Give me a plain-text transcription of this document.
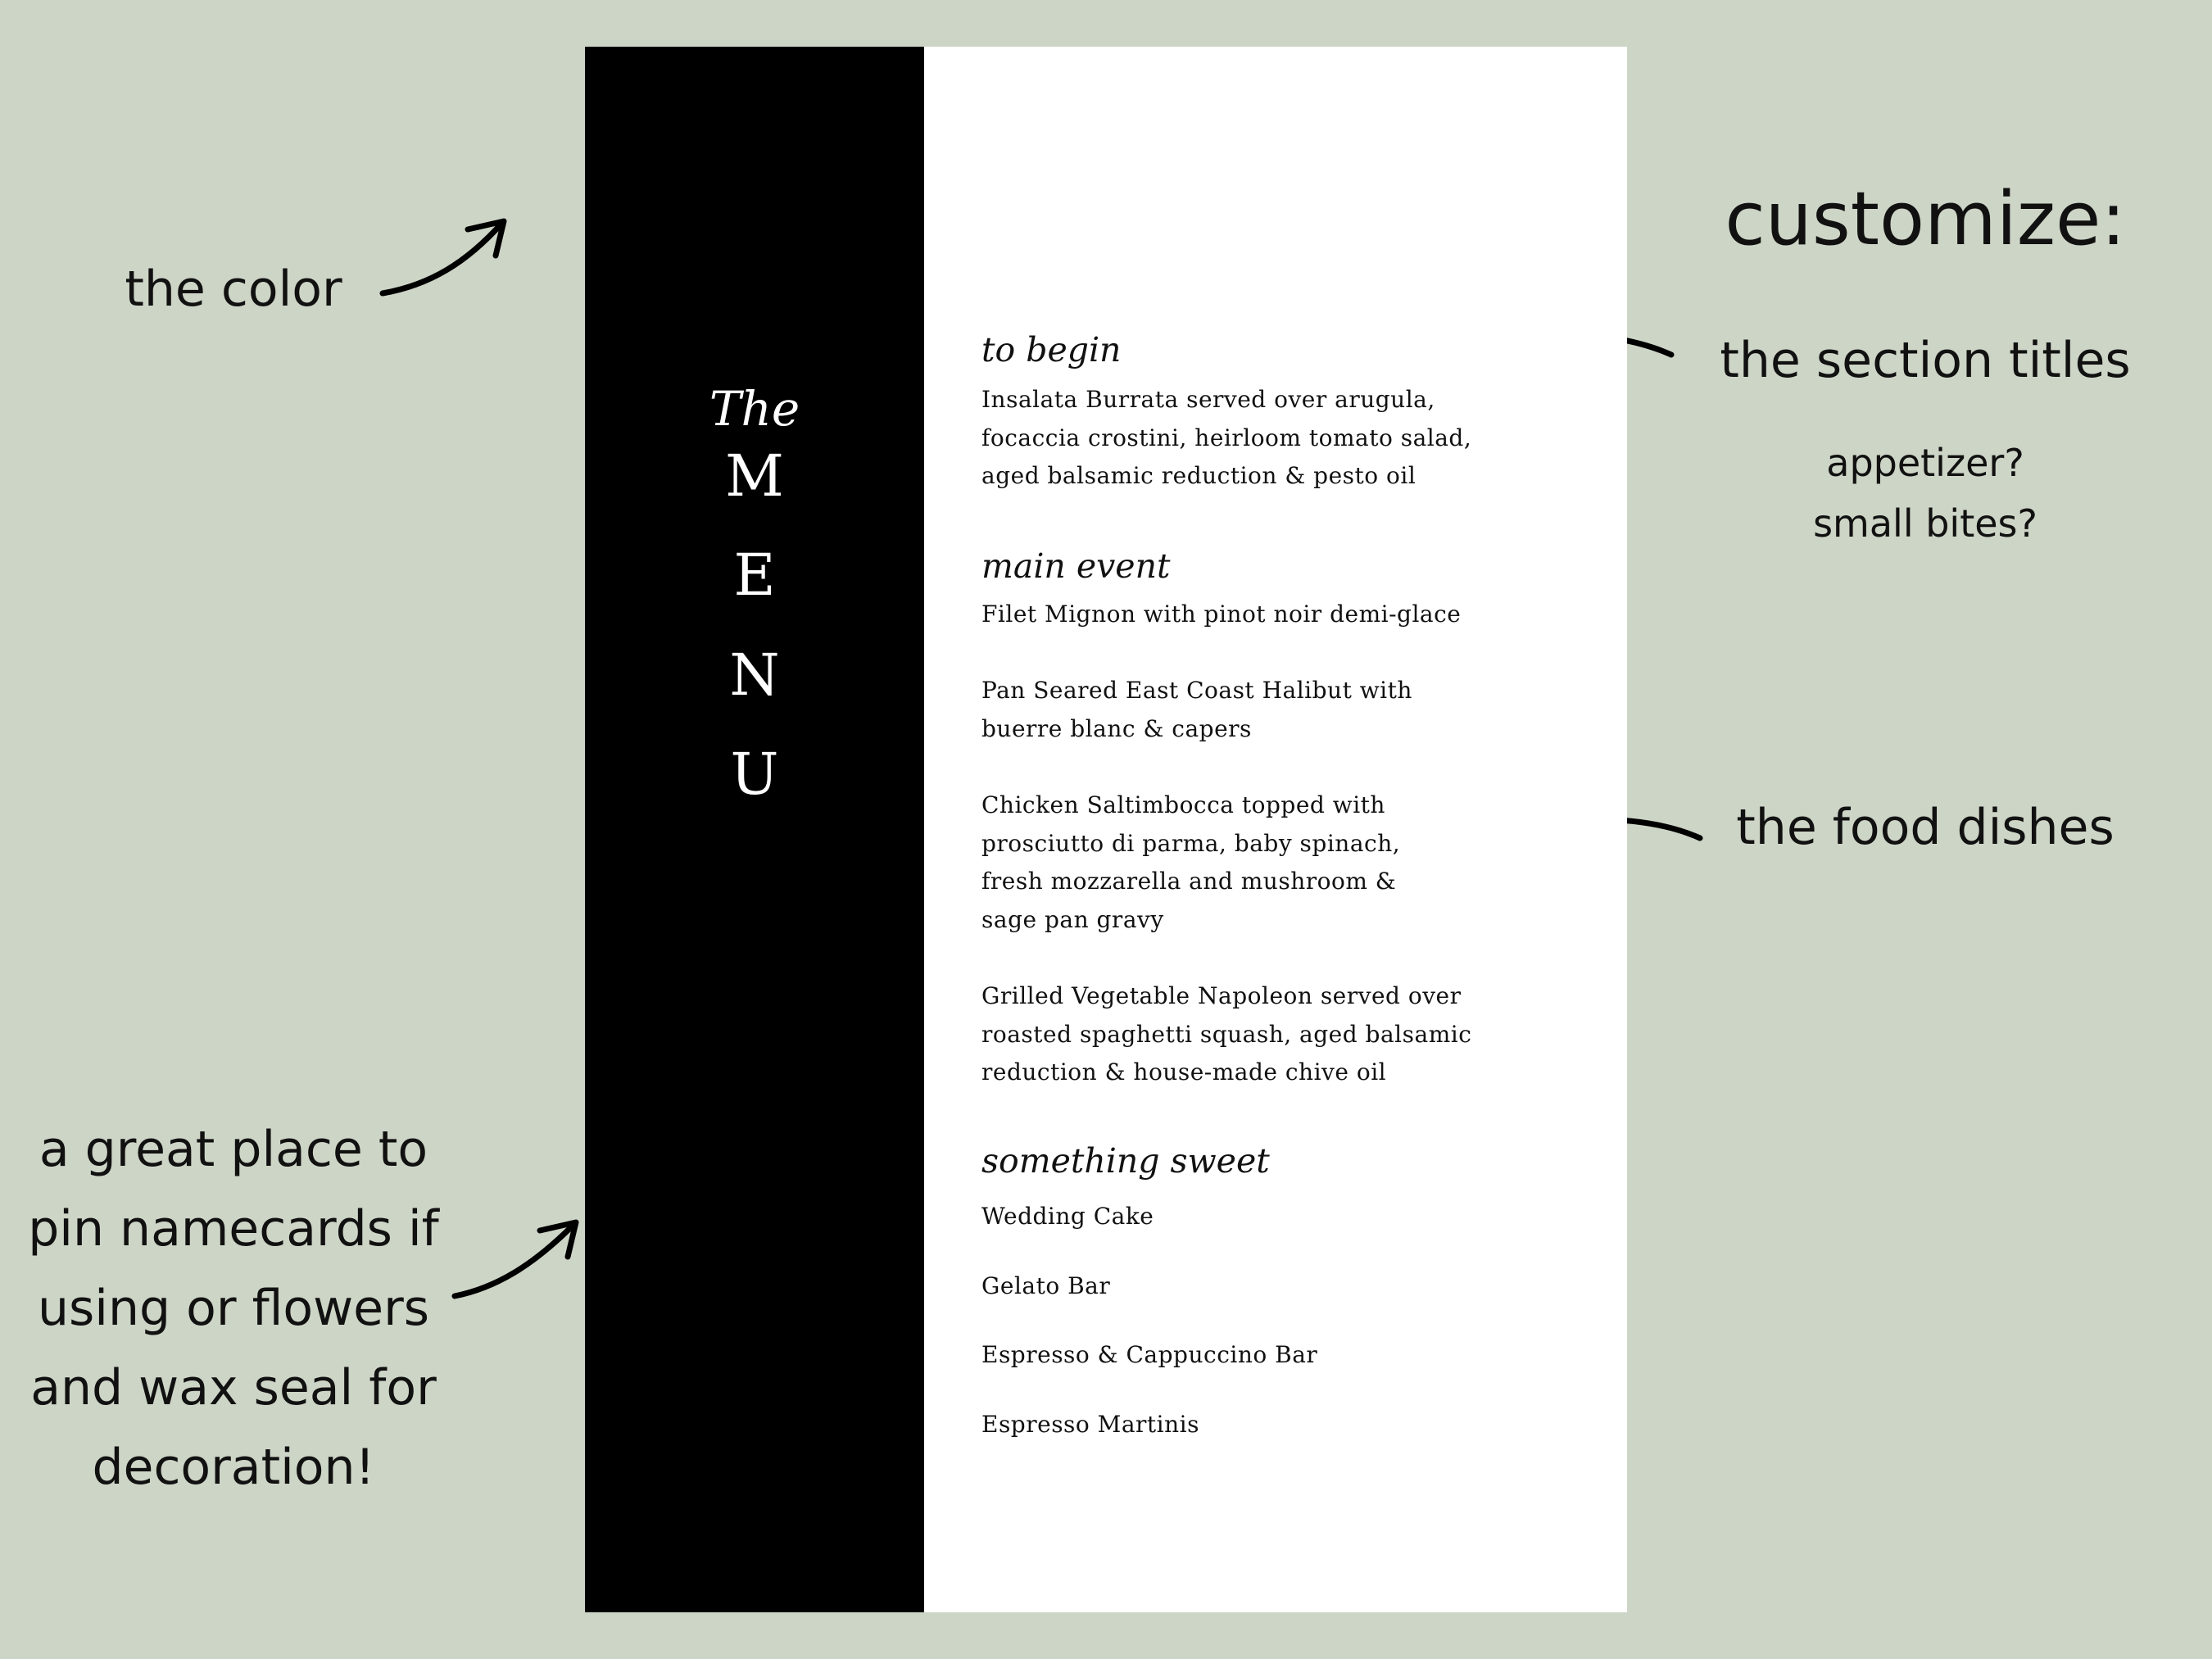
customize:
the section titles
appetizer?
small bites?
the food dishes
the color
a great place to
pin namecards if
using or flowers
and wax seal for
decoration!
The
M
E
N
U
to begin
Insalata Burrata served over arugula,
focaccia crostini, heirloom tomato salad,
aged balsamic reduction & pesto oil
main event
Filet Mignon with pinot noir demi-glace
Pan Seared East Coast Halibut with
buerre blanc & capers
Chicken Saltimbocca topped with
prosciutto di parma, baby spinach,
fresh mozzarella and mushroom &
sage pan gravy
Grilled Vegetable Napoleon served over
roasted spaghetti squash, aged balsamic
reduction & house-made chive oil
something sweet
Wedding Cake
Gelato Bar
Espresso & Cappuccino Bar
Espresso Martinis
